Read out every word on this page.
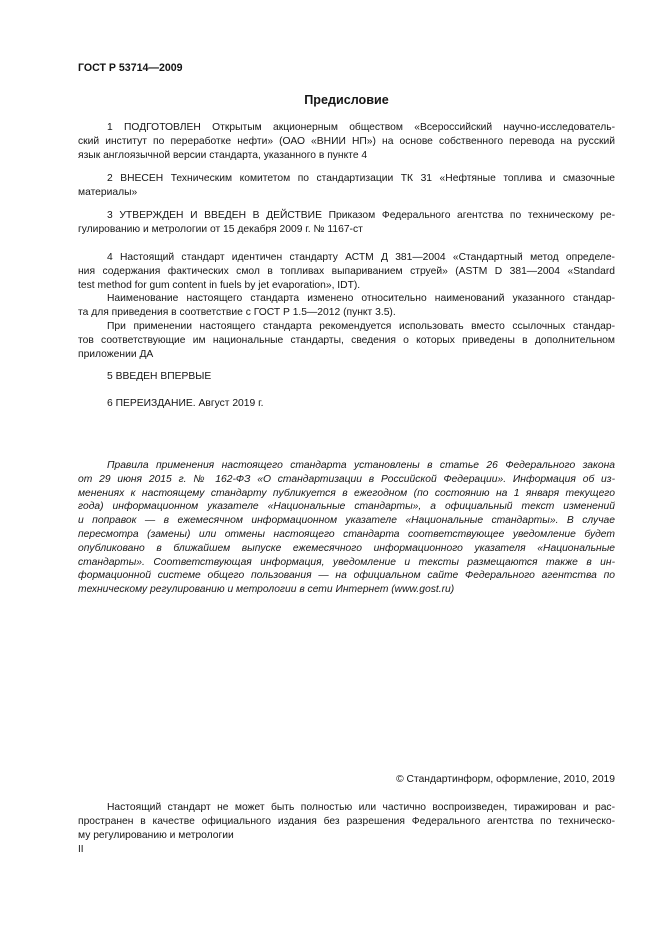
ГОСТ Р 53714—2009
Предисловие
1 ПОДГОТОВЛЕН Открытым акционерным обществом «Всероссийский научно-исследователь-
ский институт по переработке нефти» (ОАО «ВНИИ НП») на основе собственного перевода на русский
язык англоязычной версии стандарта, указанного в пункте 4
2 ВНЕСЕН Техническим комитетом по стандартизации ТК 31 «Нефтяные топлива и смазочные
материалы»
3 УТВЕРЖДЕН И ВВЕДЕН В ДЕЙСТВИЕ Приказом Федерального агентства по техническому ре-
гулированию и метрологии от 15 декабря 2009 г. № 1167-ст
4 Настоящий стандарт идентичен стандарту АСТМ Д 381—2004 «Стандартный метод определе-
ния содержания фактических смол в топливах выпариванием струей» (ASTM D 381—2004 «Standard
test method for gum content in fuels by jet evaporation», IDT).
Наименование настоящего стандарта изменено относительно наименований указанного стандар-
та для приведения в соответствие с ГОСТ Р 1.5—2012 (пункт 3.5).
При применении настоящего стандарта рекомендуется использовать вместо ссылочных стандар-
тов соответствующие им национальные стандарты, сведения о которых приведены в дополнительном
приложении ДА
5 ВВЕДЕН ВПЕРВЫЕ
6 ПЕРЕИЗДАНИЕ. Август 2019 г.
Правила применения настоящего стандарта установлены в статье 26 Федерального закона
от 29 июня 2015 г. № 162-ФЗ «О стандартизации в Российской Федерации». Информация об из-
менениях к настоящему стандарту публикуется в ежегодном (по состоянию на 1 января текущего
года) информационном указателе «Национальные стандарты», а официальный текст изменений
и поправок — в ежемесячном информационном указателе «Национальные стандарты». В случае
пересмотра (замены) или отмены настоящего стандарта соответствующее уведомление будет
опубликовано в ближайшем выпуске ежемесячного информационного указателя «Национальные
стандарты». Соответствующая информация, уведомление и тексты размещаются также в ин-
формационной системе общего пользования — на официальном сайте Федерального агентства по
техническому регулированию и метрологии в сети Интернет (www.gost.ru)
© Стандартинформ, оформление, 2010, 2019
Настоящий стандарт не может быть полностью или частично воспроизведен, тиражирован и рас-
пространен в качестве официального издания без разрешения Федерального агентства по техническо-
му регулированию и метрологии
II
